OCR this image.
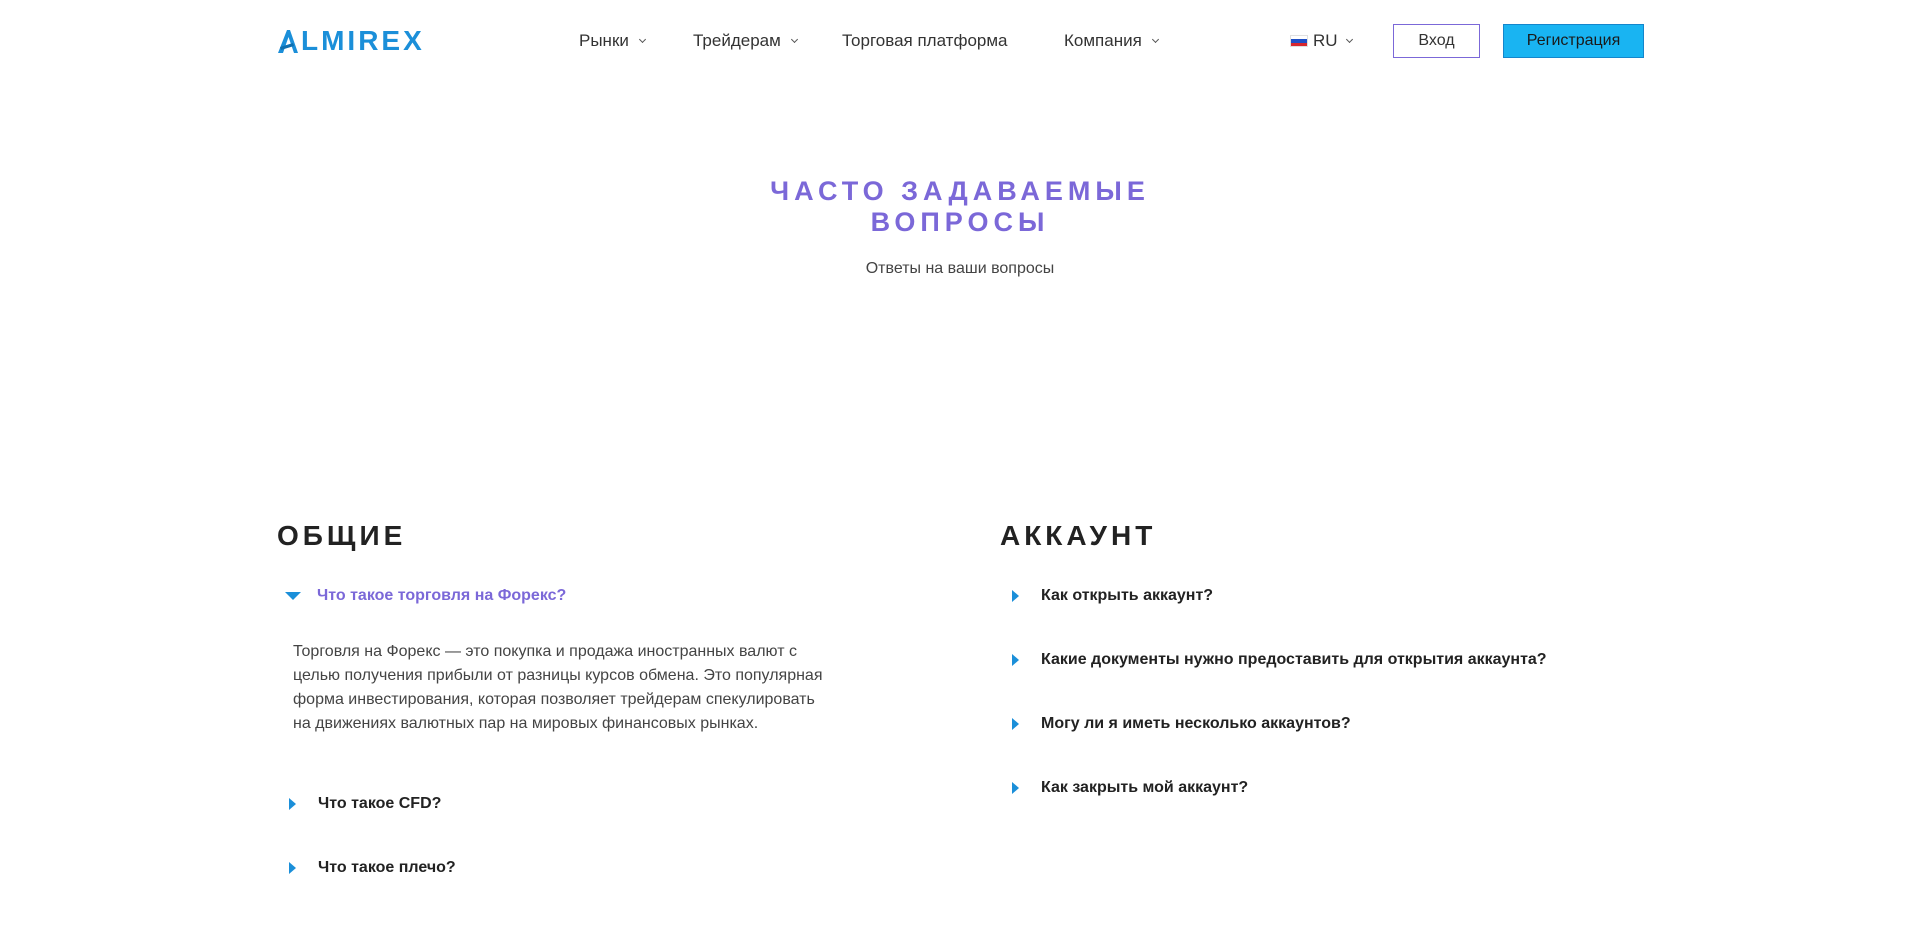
LMIREX	Рынки	Трейдерам	Торговая платформа	Компания	RU	Вход	Регистрация
ЧАСТО ЗАДАВАЕМЫЕ
ВОПРОСЫ

Ответы на ваши вопросы

ОБЩИЕ
Что такое торговля на Форекс?

Торговля на Форекс — это покупка и продажа иностранных валют с целью получения прибыли от разницы курсов обмена. Это популярная форма инвестирования, которая позволяет трейдерам спекулировать на движениях валютных пар на мировых финансовых рынках.

Что такое CFD?
Что такое плечо?
АККАУНТ
Как открыть аккаунт?
Какие документы нужно предоставить для открытия аккаунта?
Могу ли я иметь несколько аккаунтов?
Как закрыть мой аккаунт?
